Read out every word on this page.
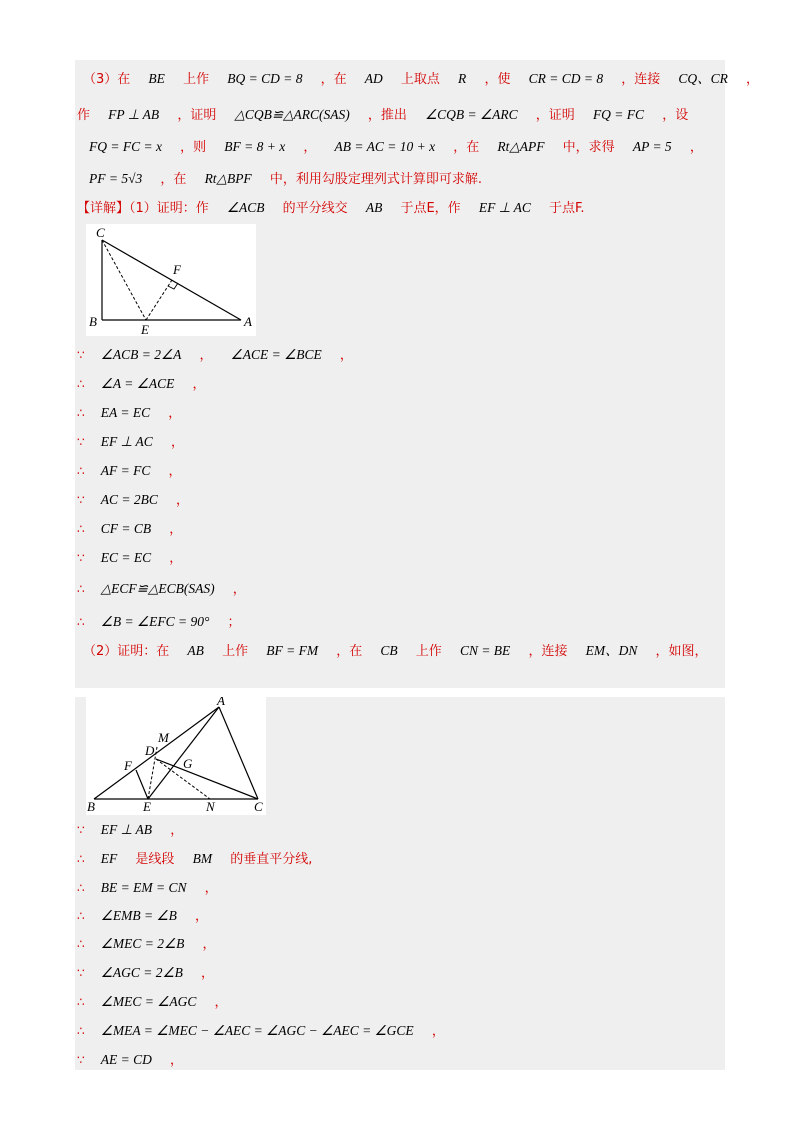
（3）在 BE 上作 BQ = CD = 8 ，在 AD 上取点 R ，使 CR = CD = 8 ，连接 CQ、CR ，
作 FP ⊥ AB ，证明 △CQB≌△ARC(SAS) ，推出 ∠CQB = ∠ARC ，证明 FQ = FC ，设
FQ = FC = x ，则 BF = 8 + x ， AB = AC = 10 + x ，在 Rt△APF 中，求得 AP = 5 ，
PF = 5√3 ，在 Rt△BPF 中，利用勾股定理列式计算即可求解.
【详解】（1）证明：作 ∠ACB 的平分线交 AB 于点E，作 EF ⊥ AC 于点F.
C
F
B
E
A
∵ ∠ACB = 2∠A ， ∠ACE = ∠BCE ，
∴ ∠A = ∠ACE ，
∴ EA = EC ，
∵ EF ⊥ AC ，
∴ AF = FC ，
∵ AC = 2BC ，
∴ CF = CB ，
∵ EC = EC ，
∴ △ECF≌△ECB(SAS) ，
∴ ∠B = ∠EFC = 90° ；
（2）证明：在 AB 上作 BF = FM ，在 CB 上作 CN = BE ，连接 EM、DN ，如图，
A
M
D
G
F
B	E	N	C
∵ EF ⊥ AB ，
∴ EF 是线段 BM 的垂直平分线,
∴ BE = EM = CN ，
∴ ∠EMB = ∠B ，
∴ ∠MEC = 2∠B ，
∵ ∠AGC = 2∠B ，
∴ ∠MEC = ∠AGC ，
∴ ∠MEA = ∠MEC − ∠AEC = ∠AGC − ∠AEC = ∠GCE ，
∵ AE = CD ，
